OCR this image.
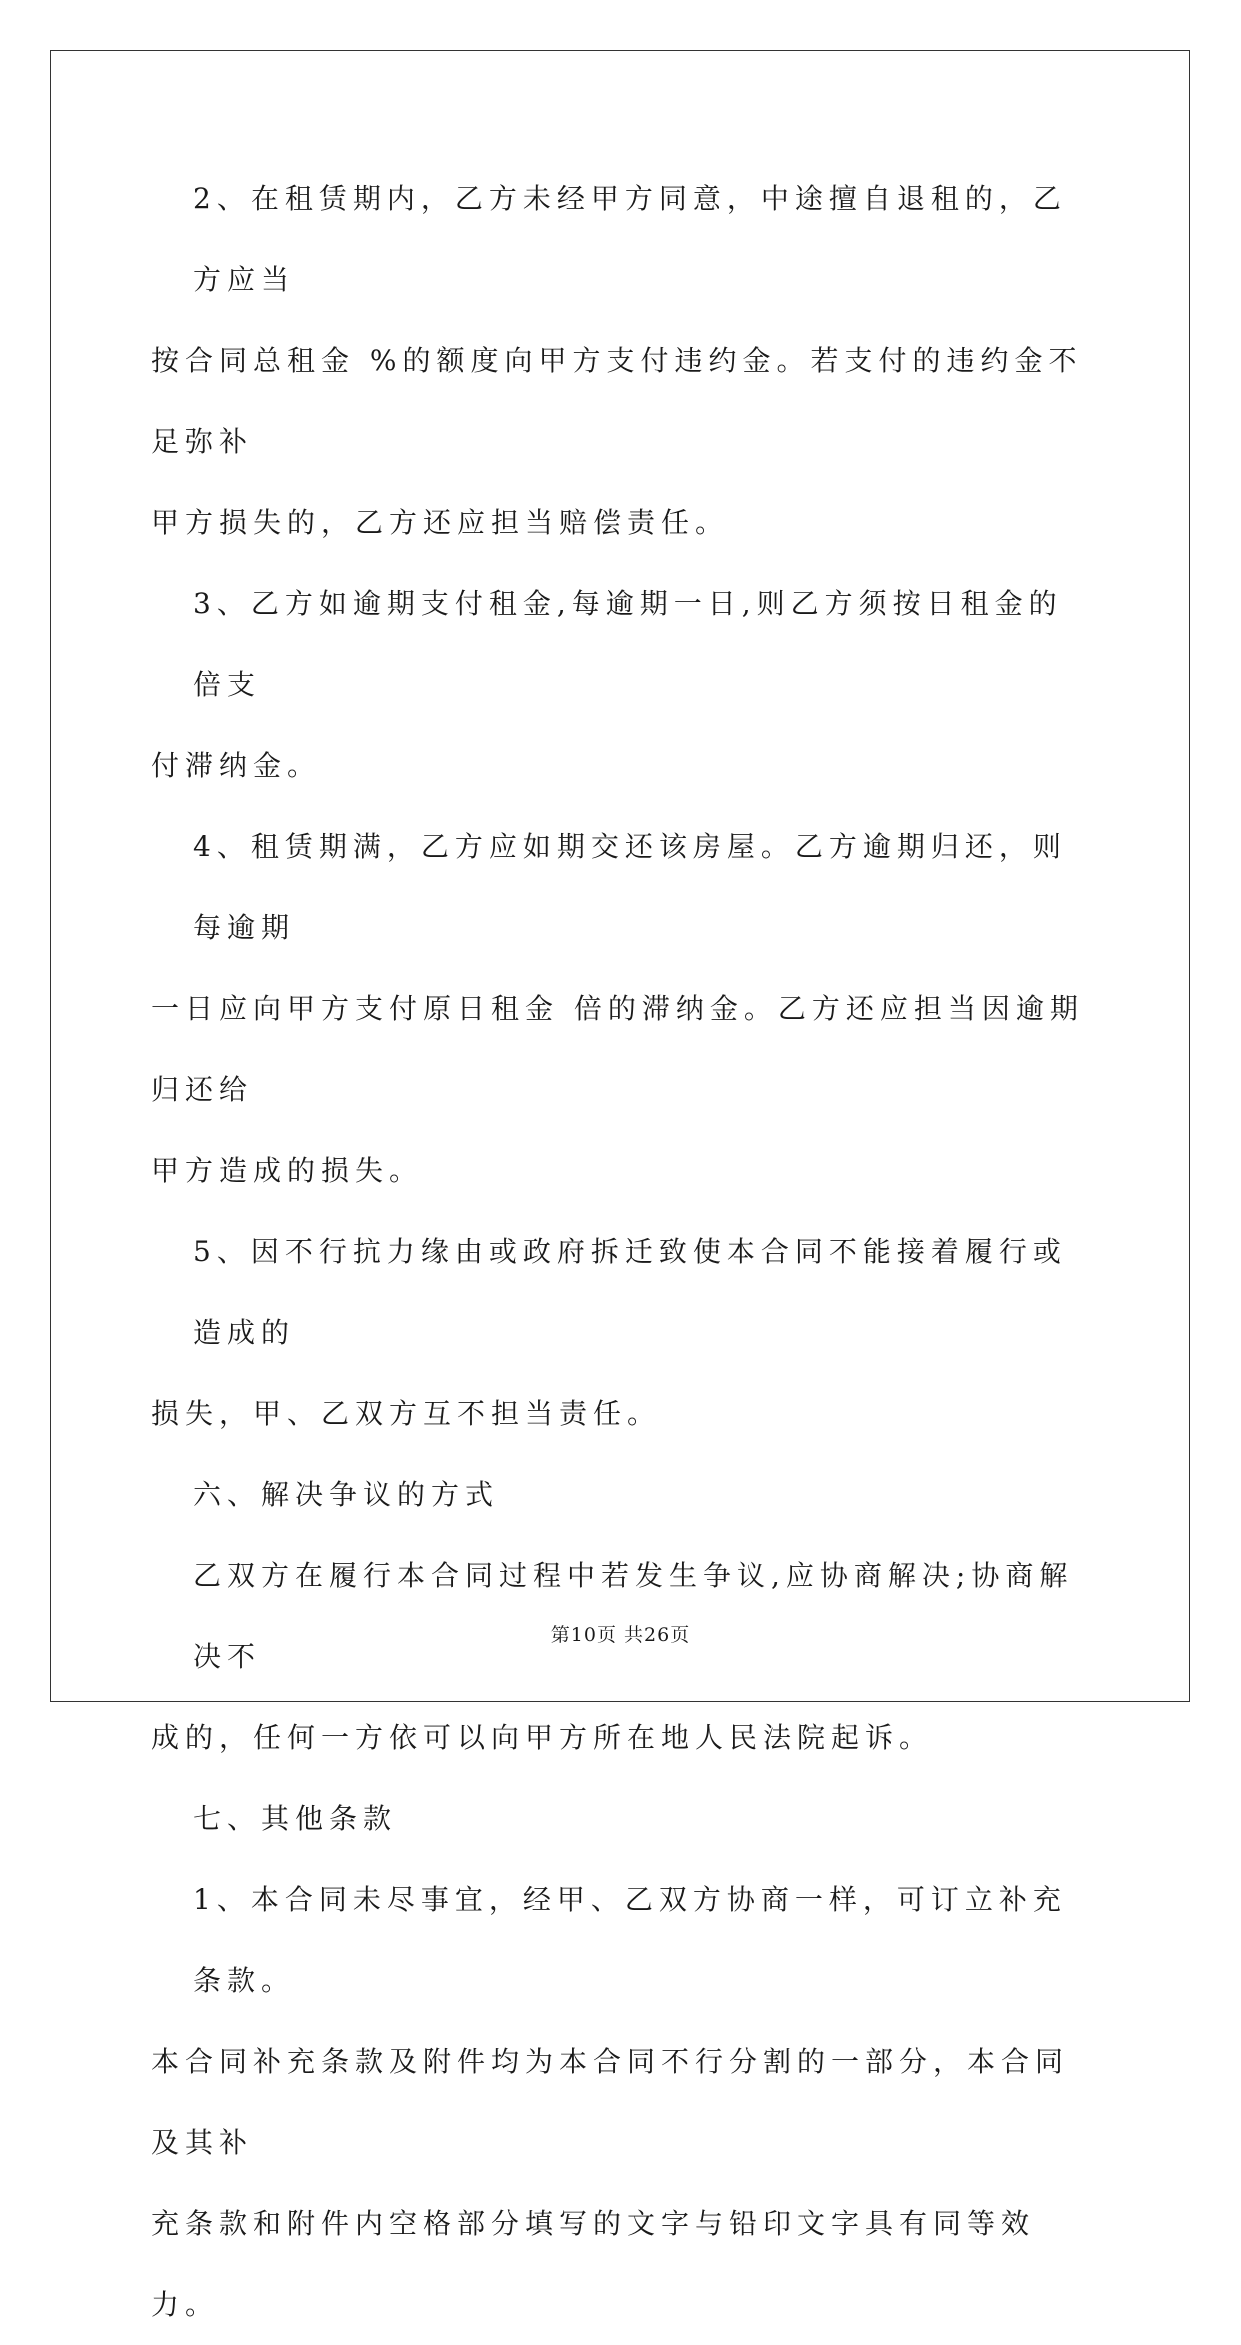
2、在租赁期内，乙方未经甲方同意，中途擅自退租的，乙方应当

按合同总租金 %的额度向甲方支付违约金。若支付的违约金不足弥补

甲方损失的，乙方还应担当赔偿责任。

3、乙方如逾期支付租金,每逾期一日,则乙方须按日租金的 倍支

付滞纳金。

4、租赁期满，乙方应如期交还该房屋。乙方逾期归还，则每逾期

一日应向甲方支付原日租金 倍的滞纳金。乙方还应担当因逾期归还给

甲方造成的损失。

5、因不行抗力缘由或政府拆迁致使本合同不能接着履行或造成的

损失，甲、乙双方互不担当责任。

六、解决争议的方式

乙双方在履行本合同过程中若发生争议,应协商解决;协商解决不

成的，任何一方依可以向甲方所在地人民法院起诉。

七、其他条款

1、本合同未尽事宜，经甲、乙双方协商一样，可订立补充条款。

本合同补充条款及附件均为本合同不行分割的一部分，本合同及其补

充条款和附件内空格部分填写的文字与铅印文字具有同等效力。

第10页 共26页
